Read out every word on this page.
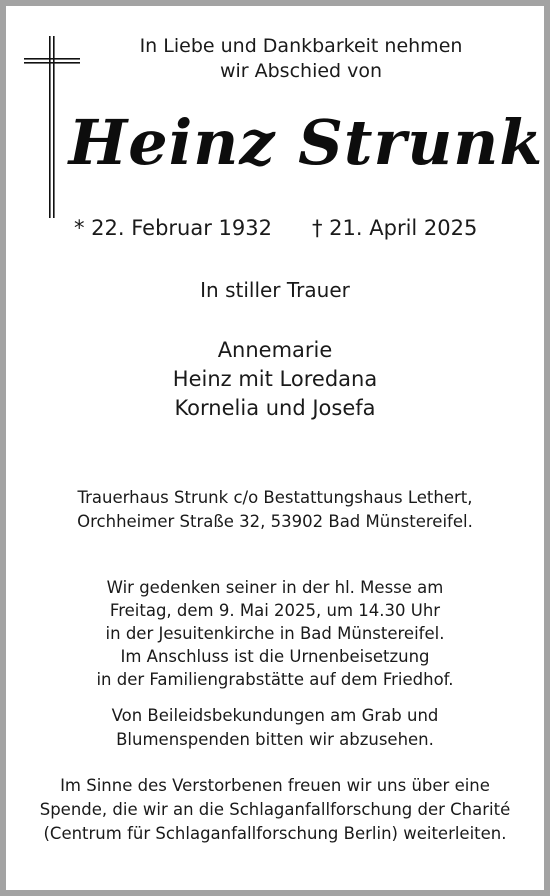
In Liebe und Dankbarkeit nehmen
wir Abschied von
Heinz Strunk
* 22. Februar 1932 † 21. April 2025
In stiller Trauer
Annemarie
Heinz mit Loredana
Kornelia und Josefa
Trauerhaus Strunk c/o Bestattungshaus Lethert,
Orchheimer Straße 32, 53902 Bad Münstereifel.
Wir gedenken seiner in der hl. Messe am
Freitag, dem 9. Mai 2025, um 14.30 Uhr
in der Jesuitenkirche in Bad Münstereifel.
Im Anschluss ist die Urnenbeisetzung
in der Familiengrabstätte auf dem Friedhof.
Von Beileidsbekundungen am Grab und
Blumenspenden bitten wir abzusehen.
Im Sinne des Verstorbenen freuen wir uns über eine
Spende, die wir an die Schlaganfallforschung der Charité
(Centrum für Schlaganfallforschung Berlin) weiterleiten.
